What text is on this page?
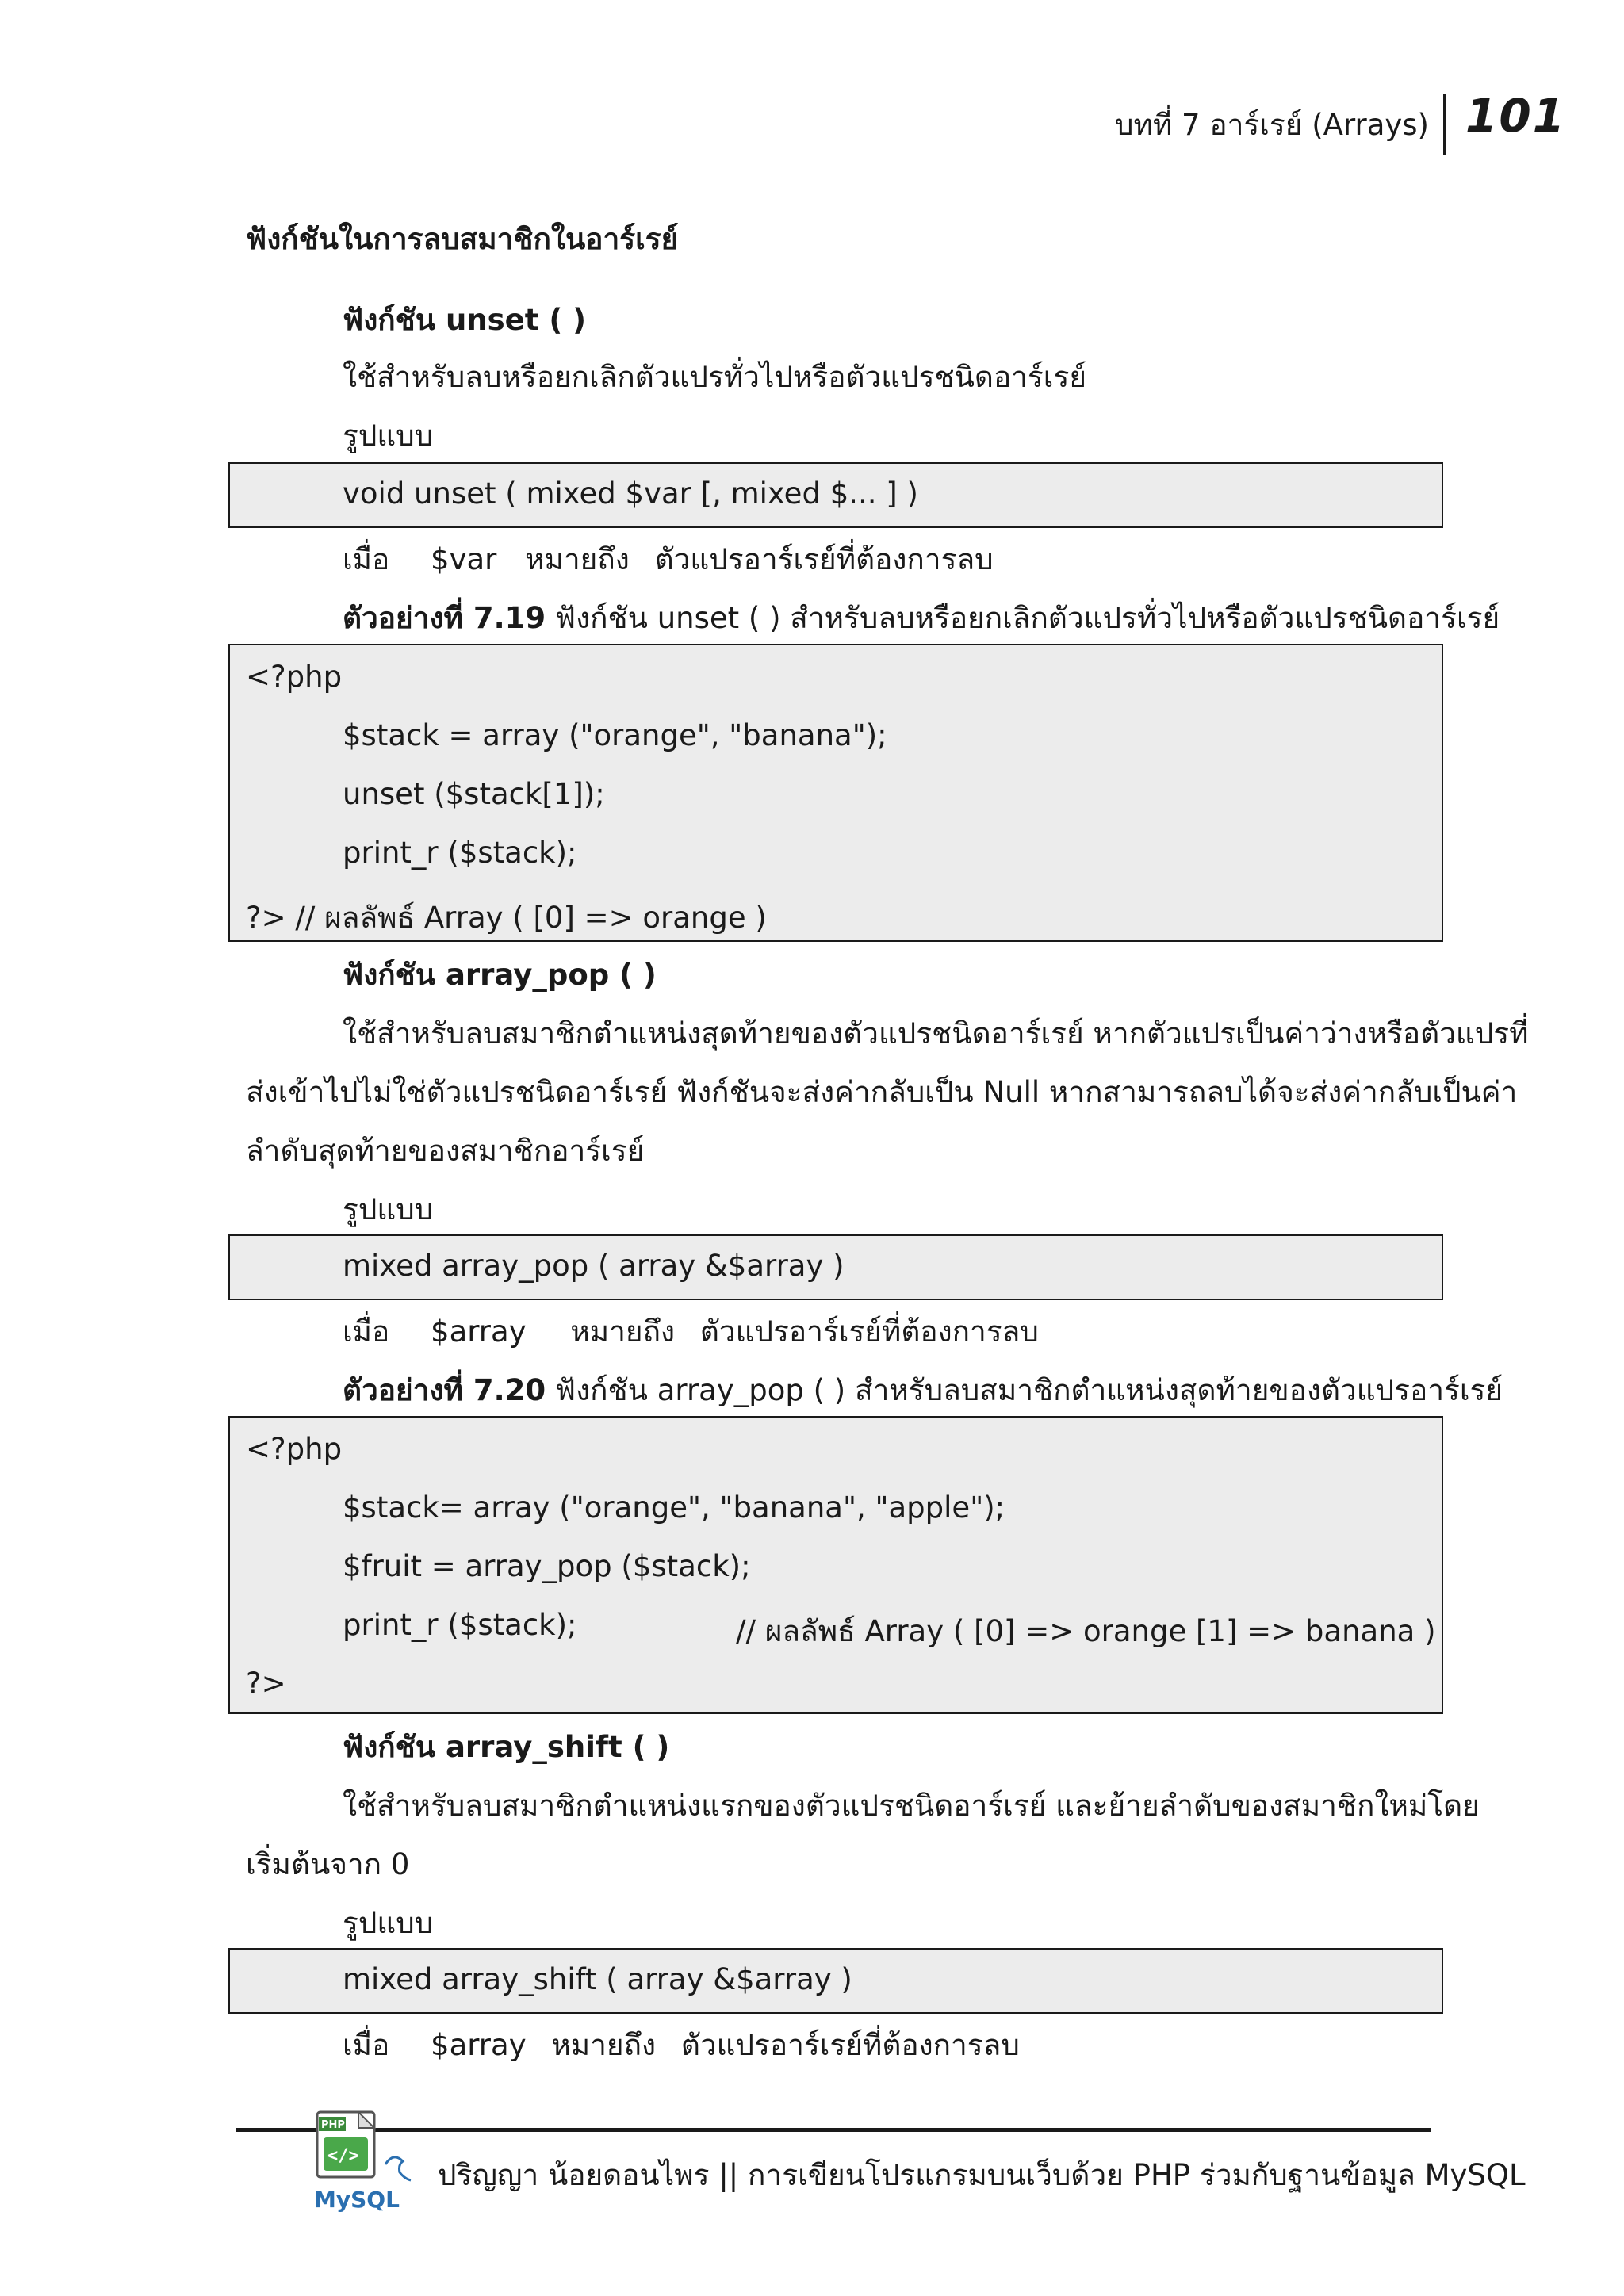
บทที่ 7 อาร์เรย์ (Arrays) 101
ฟังก์ชันในการลบสมาชิกในอาร์เรย์
ฟังก์ชัน unset ( )
ใช้สำหรับลบหรือยกเลิกตัวแปรทั่วไปหรือตัวแปรชนิดอาร์เรย์
รูปแบบ
void unset ( mixed $var [, mixed $... ] )
เมื่อ $var หมายถึง ตัวแปรอาร์เรย์ที่ต้องการลบ
ตัวอย่างที่ 7.19 ฟังก์ชัน unset ( ) สำหรับลบหรือยกเลิกตัวแปรทั่วไปหรือตัวแปรชนิดอาร์เรย์
<?php
$stack = array ("orange", "banana");
unset ($stack[1]);
print_r ($stack);
?> // ผลลัพธ์ Array ( [0] => orange )
ฟังก์ชัน array_pop ( )
ใช้สำหรับลบสมาชิกตำแหน่งสุดท้ายของตัวแปรชนิดอาร์เรย์ หากตัวแปรเป็นค่าว่างหรือตัวแปรที่
ส่งเข้าไปไม่ใช่ตัวแปรชนิดอาร์เรย์ ฟังก์ชันจะส่งค่ากลับเป็น Null หากสามารถลบได้จะส่งค่ากลับเป็นค่า
ลำดับสุดท้ายของสมาชิกอาร์เรย์
รูปแบบ
mixed array_pop ( array &$array )
เมื่อ $array หมายถึง ตัวแปรอาร์เรย์ที่ต้องการลบ
ตัวอย่างที่ 7.20 ฟังก์ชัน array_pop ( ) สำหรับลบสมาชิกตำแหน่งสุดท้ายของตัวแปรอาร์เรย์
<?php
$stack= array ("orange", "banana", "apple");
$fruit = array_pop ($stack);
print_r ($stack);	// ผลลัพธ์ Array ( [0] => orange [1] => banana )
?>
ฟังก์ชัน array_shift ( )
ใช้สำหรับลบสมาชิกตำแหน่งแรกของตัวแปรชนิดอาร์เรย์ และย้ายลำดับของสมาชิกใหม่โดย
เริ่มต้นจาก 0
รูปแบบ
mixed array_shift ( array &$array )
เมื่อ $array หมายถึง ตัวแปรอาร์เรย์ที่ต้องการลบ
PHP
</>
MySQL
ปริญญา น้อยดอนไพร || การเขียนโปรแกรมบนเว็บด้วย PHP ร่วมกับฐานข้อมูล MySQL
